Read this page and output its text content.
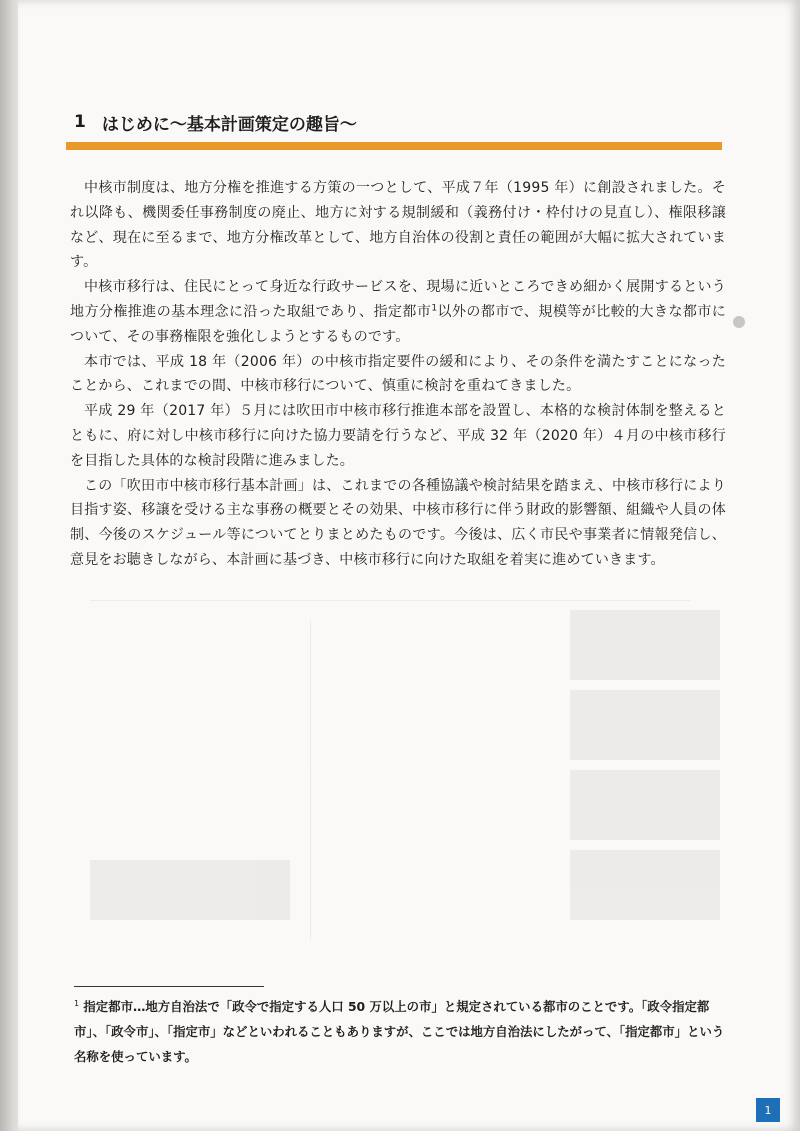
1 はじめに～基本計画策定の趣旨～

中核市制度は、地方分権を推進する方策の一つとして、平成７年（1995 年）に創設されました。それ以降も、機関委任事務制度の廃止、地方に対する規制緩和（義務付け・枠付けの見直し）、権限移譲など、現在に至るまで、地方分権改革として、地方自治体の役割と責任の範囲が大幅に拡大されています。

中核市移行は、住民にとって身近な行政サービスを、現場に近いところできめ細かく展開するという地方分権推進の基本理念に沿った取組であり、指定都市$^1$以外の都市で、規模等が比較的大きな都市について、その事務権限を強化しようとするものです。

本市では、平成 18 年（2006 年）の中核市指定要件の緩和により、その条件を満たすことになったことから、これまでの間、中核市移行について、慎重に検討を重ねてきました。

平成 29 年（2017 年）５月には吹田市中核市移行推進本部を設置し、本格的な検討体制を整えるとともに、府に対し中核市移行に向けた協力要請を行うなど、平成 32 年（2020 年）４月の中核市移行を目指した具体的な検討段階に進みました。

この「吹田市中核市移行基本計画」は、これまでの各種協議や検討結果を踏まえ、中核市移行により目指す姿、移譲を受ける主な事務の概要とその効果、中核市移行に伴う財政的影響額、組織や人員の体制、今後のスケジュール等についてとりまとめたものです。今後は、広く市民や事業者に情報発信し、意見をお聴きしながら、本計画に基づき、中核市移行に向けた取組を着実に進めていきます。

$^1$ 指定都市…地方自治法で「政令で指定する人口 50 万以上の市」と規定されている都市のことです。「政令指定都市」、「政令市」、「指定市」などといわれることもありますが、ここでは地方自治法にしたがって、「指定都市」という名称を使っています。
1
